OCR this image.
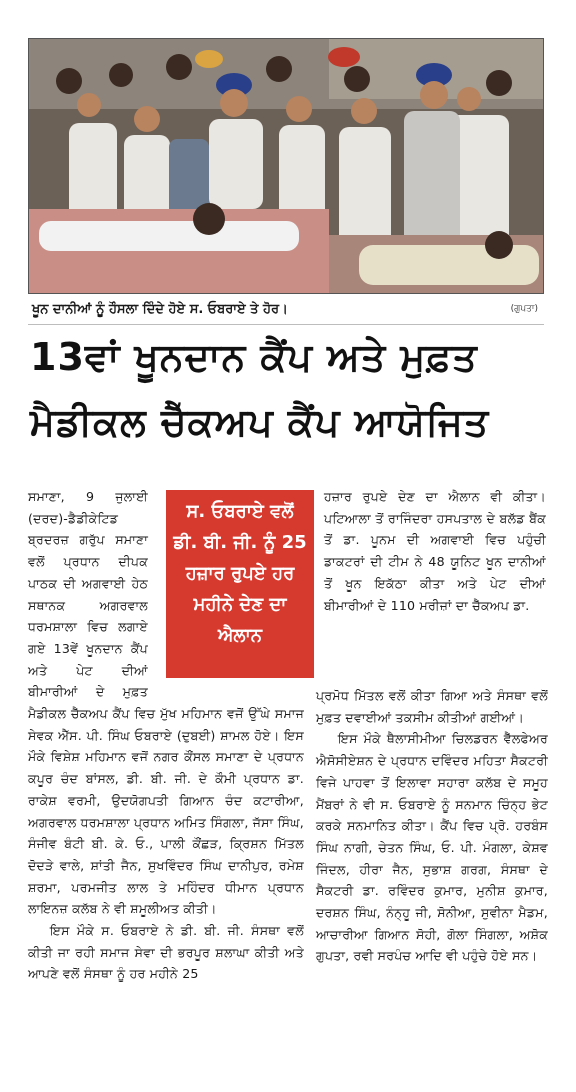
ਖੂਨ ਦਾਨੀਆਂ ਨੂੰ ਹੌਸਲਾ ਦਿੰਦੇ ਹੋਏ ਸ. ਓਬਰਾਏ ਤੇ ਹੋਰ।	(ਗੁਪਤਾ)
13ਵਾਂ ਖੂਨਦਾਨ ਕੈਂਪ ਅਤੇ ਮੁਫ਼ਤ
ਮੈਡੀਕਲ ਚੈੱਕਅਪ ਕੈਂਪ ਆਯੋਜਿਤ

ਸਮਾਣਾ, 9 ਜੁਲਾਈ (ਦਰਦ)-ਡੈਡੀਕੇਟਿਡ ਬ੍ਰਦਰਜ਼ ਗਰੁੱਪ ਸਮਾਣਾ ਵਲੋਂ ਪ੍ਰਧਾਨ ਦੀਪਕ ਪਾਠਕ ਦੀ ਅਗਵਾਈ ਹੇਠ ਸਥਾਨਕ ਅਗਰਵਾਲ ਧਰਮਸ਼ਾਲਾ ਵਿਚ ਲਗਾਏ ਗਏ 13ਵੇਂ ਖੂਨਦਾਨ ਕੈਂਪ ਅਤੇ ਪੇਟ ਦੀਆਂ ਬੀਮਾਰੀਆਂ ਦੇ ਮੁਫ਼ਤ ਮੈਡੀਕਲ ਚੈੱਕਅਪ ਕੈਂਪ ਵਿਚ ਮੁੱਖ ਮਹਿਮਾਨ ਵਜੋਂ ਉੱਘੇ ਸਮਾਜ ਸੇਵਕ ਐੱਸ. ਪੀ. ਸਿੰਘ ਓਬਰਾਏ (ਦੁਬਈ) ਸ਼ਾਮਲ ਹੋਏ। ਇਸ ਮੌਕੇ ਵਿਸ਼ੇਸ਼ ਮਹਿਮਾਨ ਵਜੋਂ ਨਗਰ ਕੌਂਸਲ ਸਮਾਣਾ ਦੇ ਪ੍ਰਧਾਨ ਕਪੂਰ ਚੰਦ ਬਾਂਸਲ, ਡੀ. ਬੀ. ਜੀ. ਦੇ ਕੌਮੀ ਪ੍ਰਧਾਨ ਡਾ. ਰਾਕੇਸ਼ ਵਰਮੀ, ਉਦਯੋਗਪਤੀ ਗਿਆਨ ਚੰਦ ਕਟਾਰੀਆ, ਅਗਰਵਾਲ ਧਰਮਸ਼ਾਲਾ ਪ੍ਰਧਾਨ ਅਮਿਤ ਸਿੰਗਲਾ, ਜੱਸਾ ਸਿੰਘ, ਸੰਜੀਵ ਬੰਟੀ ਬੀ. ਕੇ. ਓ., ਪਾਲੀ ਕੌਂਛੜ, ਕ੍ਰਿਸ਼ਨ ਮਿੱਤਲ ਦੋਦੜੇ ਵਾਲੇ, ਸ਼ਾਂਤੀ ਜੈਨ, ਸੁਖਵਿੰਦਰ ਸਿੰਘ ਦਾਨੀਪੁਰ, ਰਮੇਸ਼ ਸ਼ਰਮਾ, ਪਰਮਜੀਤ ਲਾਲ ਤੇ ਮਹਿੰਦਰ ਧੀਮਾਨ ਪ੍ਰਧਾਨ ਲਾਇਨਜ਼ ਕਲੱਬ ਨੇ ਵੀ ਸ਼ਮੂਲੀਅਤ ਕੀਤੀ।

ਇਸ ਮੌਕੇ ਸ. ਓਬਰਾਏ ਨੇ ਡੀ. ਬੀ. ਜੀ. ਸੰਸਥਾ ਵਲੋਂ ਕੀਤੀ ਜਾ ਰਹੀ ਸਮਾਜ ਸੇਵਾ ਦੀ ਭਰਪੂਰ ਸ਼ਲਾਘਾ ਕੀਤੀ ਅਤੇ ਆਪਣੇ ਵਲੋਂ ਸੰਸਥਾ ਨੂੰ ਹਰ ਮਹੀਨੇ 25

ਸ. ਓਬਰਾਏ ਵਲੋਂ ਡੀ. ਬੀ. ਜੀ. ਨੂੰ 25 ਹਜ਼ਾਰ ਰੁਪਏ ਹਰ ਮਹੀਨੇ ਦੇਣ ਦਾ ਐਲਾਨ

ਹਜ਼ਾਰ ਰੁਪਏ ਦੇਣ ਦਾ ਐਲਾਨ ਵੀ ਕੀਤਾ। ਪਟਿਆਲਾ ਤੋਂ ਰਾਜਿੰਦਰਾ ਹਸਪਤਾਲ ਦੇ ਬਲੱਡ ਬੈਂਕ ਤੋਂ ਡਾ. ਪੂਨਮ ਦੀ ਅਗਵਾਈ ਵਿਚ ਪਹੁੰਚੀ ਡਾਕਟਰਾਂ ਦੀ ਟੀਮ ਨੇ 48 ਯੂਨਿਟ ਖੂਨ ਦਾਨੀਆਂ ਤੋਂ ਖੂਨ ਇਕੱਠਾ ਕੀਤਾ ਅਤੇ ਪੇਟ ਦੀਆਂ ਬੀਮਾਰੀਆਂ ਦੇ 110 ਮਰੀਜ਼ਾਂ ਦਾ ਚੈੱਕਅਪ ਡਾ.

ਪ੍ਰਮੋਧ ਮਿੱਤਲ ਵਲੋਂ ਕੀਤਾ ਗਿਆ ਅਤੇ ਸੰਸਥਾ ਵਲੋਂ ਮੁਫ਼ਤ ਦਵਾਈਆਂ ਤਕਸੀਮ ਕੀਤੀਆਂ ਗਈਆਂ।

ਇਸ ਮੌਕੇ ਥੈਲਾਸੀਮੀਆ ਚਿਲਡਰਨ ਵੈੱਲਫੇਅਰ ਐਸੋਸੀਏਸ਼ਨ ਦੇ ਪ੍ਰਧਾਨ ਦਵਿੰਦਰ ਮਹਿਤਾ ਸੈਕਟਰੀ ਵਿਜੇ ਪਾਹਵਾ ਤੋਂ ਇਲਾਵਾ ਸਹਾਰਾ ਕਲੱਬ ਦੇ ਸਮੂਹ ਮੈਂਬਰਾਂ ਨੇ ਵੀ ਸ. ਓਬਰਾਏ ਨੂੰ ਸਨਮਾਨ ਚਿੰਨ੍ਹ ਭੇਟ ਕਰਕੇ ਸਨਮਾਨਿਤ ਕੀਤਾ। ਕੈਂਪ ਵਿਚ ਪ੍ਰੋ. ਹਰਬੰਸ ਸਿੰਘ ਨਾਗੀ, ਚੇਤਨ ਸਿੰਘ, ਓ. ਪੀ. ਮੰਗਲਾ, ਕੇਸ਼ਵ ਜਿੰਦਲ, ਹੀਰਾ ਜੈਨ, ਸੁਭਾਸ਼ ਗਰਗ, ਸੰਸਥਾ ਦੇ ਸੈਕਟਰੀ ਡਾ. ਰਵਿੰਦਰ ਕੁਮਾਰ, ਮੁਨੀਸ਼ ਕੁਮਾਰ, ਦਰਸ਼ਨ ਸਿੰਘ, ਨੰਨ੍ਹੂ ਜੀ, ਸੋਨੀਆ, ਸੁਵੀਨਾ ਮੈਡਮ, ਆਚਾਰੀਆ ਗਿਆਨ ਸੋਹੀ, ਗੋਲਾ ਸਿੰਗਲਾ, ਅਸ਼ੋਕ ਗੁਪਤਾ, ਰਵੀ ਸਰਪੰਚ ਆਦਿ ਵੀ ਪਹੁੰਚੇ ਹੋਏ ਸਨ।
